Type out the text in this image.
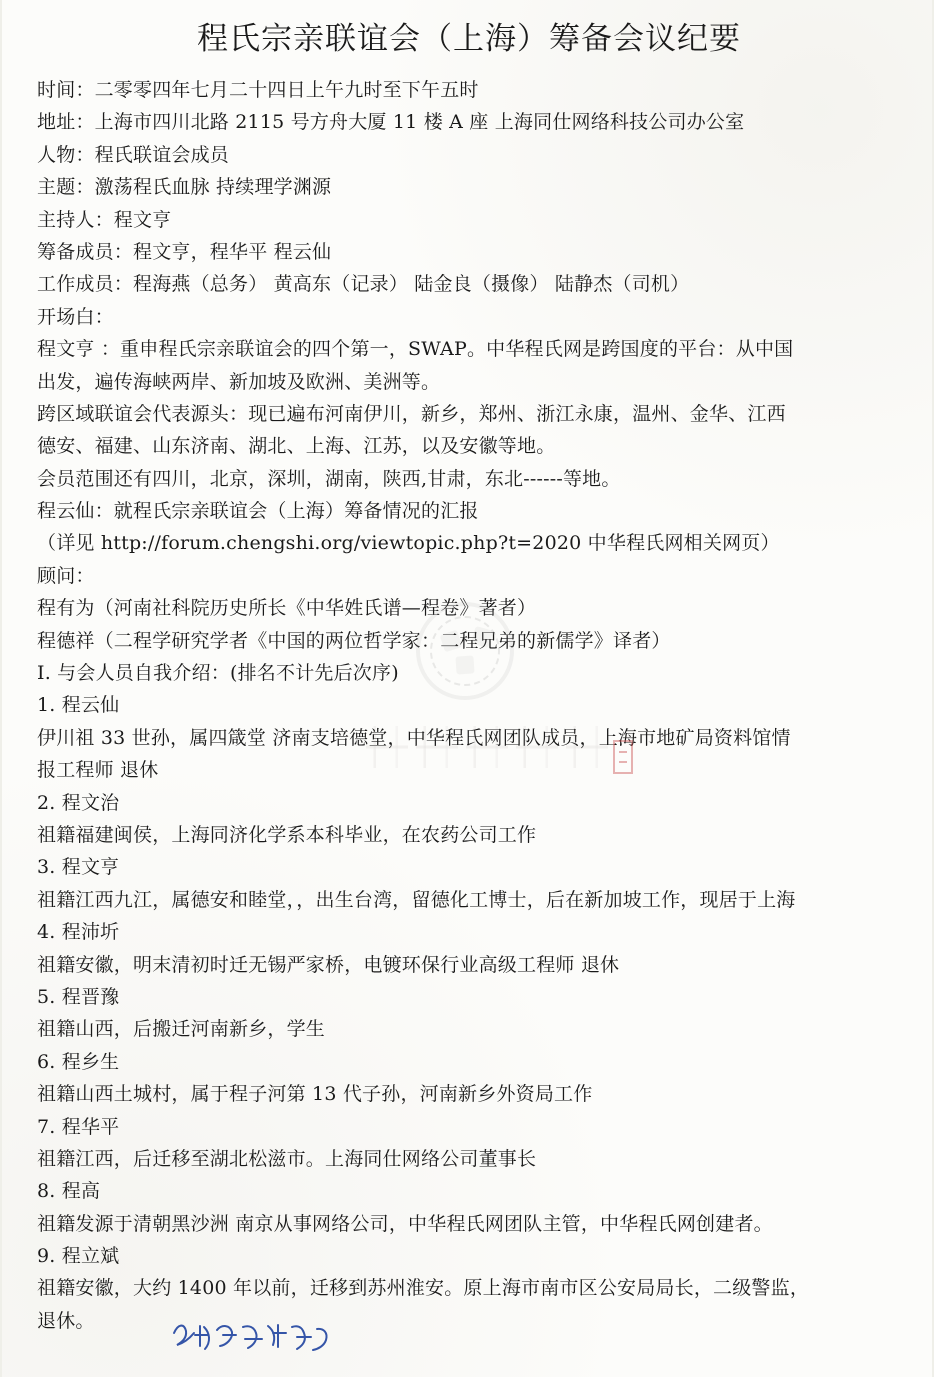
程氏宗亲联谊会（上海）筹备会议纪要
时间：二零零四年七月二十四日上午九时至下午五时
地址：上海市四川北路 2115 号方舟大厦 11 楼 A 座 上海同仕网络科技公司办公室
人物：程氏联谊会成员
主题：激荡程氏血脉 持续理学渊源
主持人：程文亨
筹备成员：程文亨，程华平 程云仙
工作成员：程海燕（总务） 黄高东（记录） 陆金良（摄像） 陆静杰（司机）
开场白：
程文亨 ：重申程氏宗亲联谊会的四个第一，SWAP。中华程氏网是跨国度的平台：从中国
出发，遍传海峡两岸、新加坡及欧洲、美洲等。
跨区域联谊会代表源头：现已遍布河南伊川，新乡，郑州、浙江永康，温州、金华、江西
德安、福建、山东济南、湖北、上海、江苏，以及安徽等地。
会员范围还有四川，北京，深圳，湖南，陕西,甘肃，东北------等地。
程云仙：就程氏宗亲联谊会（上海）筹备情况的汇报
（详见 http://forum.chengshi.org/viewtopic.php?t=2020 中华程氏网相关网页）
顾问：
程有为（河南社科院历史所长《中华姓氏谱—程卷》著者）
程德祥（二程学研究学者《中国的两位哲学家：二程兄弟的新儒学》译者）
I. 与会人员自我介绍：(排名不计先后次序)
1. 程云仙
伊川祖 33 世孙，属四箴堂 济南支培德堂，中华程氏网团队成员，上海市地矿局资料馆情
报工程师 退休
2. 程文治
祖籍福建闽侯，上海同济化学系本科毕业，在农药公司工作
3. 程文亨
祖籍江西九江，属德安和睦堂，，出生台湾，留德化工博士，后在新加坡工作，现居于上海
4. 程沛圻
祖籍安徽，明末清初时迁无锡严家桥，电镀环保行业高级工程师 退休
5. 程晋豫
祖籍山西，后搬迁河南新乡，学生
6. 程乡生
祖籍山西土城村，属于程子河第 13 代子孙，河南新乡外资局工作
7. 程华平
祖籍江西，后迁移至湖北松滋市。上海同仕网络公司董事长
8. 程高
祖籍发源于清朝黑沙洲 南京从事网络公司，中华程氏网团队主管，中华程氏网创建者。
9. 程立斌
祖籍安徽，大约 1400 年以前，迁移到苏州淮安。原上海市南市区公安局局长，二级警监，
退休。
